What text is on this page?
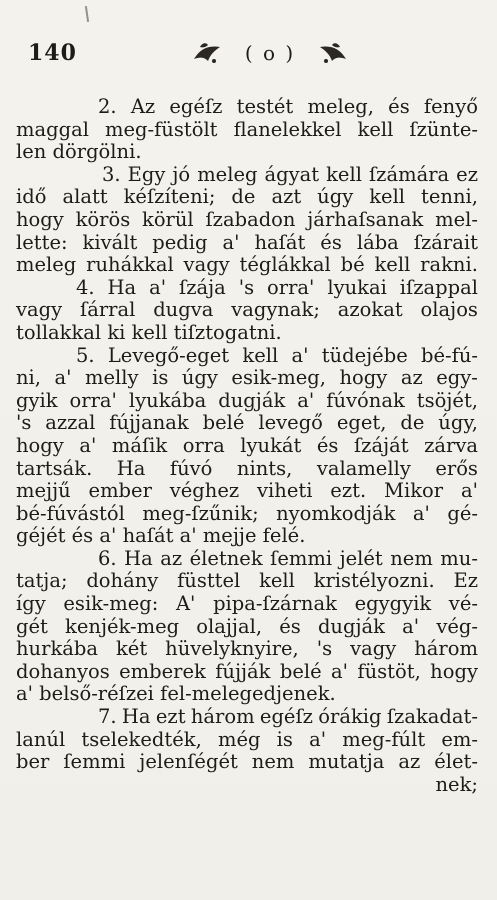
140	( o )
2. Az egéſz testét meleg, és fenyő
maggal meg-füstölt flanelekkel kell ſzünte-
len dörgölni.
3. Egy jó meleg ágyat kell ſzámára ez
idő alatt kéſzíteni; de azt úgy kell tenni,
hogy körös körül ſzabadon járhaſsanak mel-
lette: kivált pedig a' haſát és lába ſzárait
meleg ruhákkal vagy téglákkal bé kell rakni.
4. Ha a' ſzája 's orra' lyukai iſzappal
vagy ſárral dugva vagynak; azokat olajos
tollakkal ki kell tiſztogatni.
5. Levegő-eget kell a' tüdejébe bé-fú-
ni, a' melly is úgy esik-meg, hogy az egy-
gyik orra' lyukába dugják a' fúvónak tsöjét,
's azzal fújjanak belé levegő eget, de úgy,
hogy a' máſik orra lyukát és ſzáját zárva
tartsák. Ha fúvó nints, valamelly erős
mejjű ember véghez viheti ezt. Mikor a'
bé-fúvástól meg-ſzűnik; nyomkodják a' gé-
géjét és a' haſát a' mejje felé.
6. Ha az életnek ſemmi jelét nem mu-
tatja; dohány füsttel kell kristélyozni. Ez
így esik-meg: A' pipa-ſzárnak egygyik vé-
gét kenjék-meg olajjal, és dugják a' vég-
hurkába két hüvelyknyire, 's vagy három
dohanyos emberek fújják belé a' füstöt, hogy
a' belső-réſzei fel-melegedjenek.
7. Ha ezt három egéſz órákig ſzakadat-
lanúl tselekedték, még is a' meg-fúlt em-
ber ſemmi jelenſégét nem mutatja az élet-
nek;
